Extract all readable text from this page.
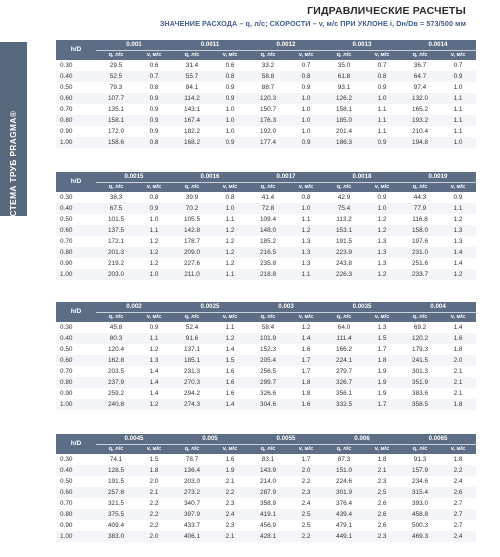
ГИДРАВЛИЧЕСКИЕ РАСЧЕТЫ
ЗНАЧЕНИЕ РАСХОДА – q, л/с; СКОРОСТИ – v, м/с ПРИ УКЛОНЕ i, Dн/Dв = 573/500 мм
СИСТЕМА ТРУБ PRAGMA®
h/D	0.001		0.0011		0.0012		0.0013		0.0014	
	q, л/с	v, м/с	q, л/с	v, м/с	q, л/с	v, м/с	q, л/с	v, м/с	q, л/с	v, м/с
0.30	29.5	0.6	31.4	0.6	33.2	0.7	35.0	0.7	36.7	0.7
0.40	52.5	0.7	55.7	0.8	58.8	0.8	61.8	0.8	64.7	0.9
0.50	79.3	0.8	84.1	0.9	88.7	0.9	93.1	0.9	97.4	1.0
0.60	107.7	0.9	114.2	0.9	120.3	1.0	126.2	1.0	132.0	1.1
0.70	135.1	0.9	143.1	1.0	150.7	1.0	158.1	1.1	165.2	1.1
0.80	158.1	0.9	167.4	1.0	176.3	1.0	185.0	1.1	193.2	1.1
0.90	172.0	0.9	182.2	1.0	192.0	1.0	201.4	1.1	210.4	1.1
1.00	158.6	0.8	168.2	0.9	177.4	0.9	186.3	0.9	194.8	1.0
h/D	0.0015		0.0016		0.0017		0.0018		0.0019	
	q, л/с	v, м/с	q, л/с	v, м/с	q, л/с	v, м/с	q, л/с	v, м/с	q, л/с	v, м/с
0.30	38.3	0.8	39.9	0.8	41.4	0.8	42.9	0.9	44.3	0.9
0.40	67.5	0.9	70.2	1.0	72.8	1.0	75.4	1.0	77.9	1.1
0.50	101.5	1.0	105.5	1.1	109.4	1.1	113.2	1.2	116.8	1.2
0.60	137.5	1.1	142.8	1.2	148.0	1.2	153.1	1.2	158.0	1.3
0.70	172.1	1.2	178.7	1.2	185.2	1.3	191.5	1.3	197.6	1.3
0.80	201.3	1.2	209.0	1.2	216.5	1.3	223.9	1.3	231.0	1.4
0.90	219.2	1.2	227.6	1.2	235.8	1.3	243.8	1.3	251.6	1.4
1.00	203.0	1.0	211.0	1.1	218.8	1.1	226.3	1.2	233.7	1.2
h/D	0.002		0.0025		0.003		0.0035		0.004	
	q, л/с	v, м/с	q, л/с	v, м/с	q, л/с	v, м/с	q, л/с	v, м/с	q, л/с	v, м/с
0.30	45.8	0.9	52.4	1.1	58.4	1.2	64.0	1.3	69.2	1.4
0.40	80.3	1.1	91.6	1.2	101.9	1.4	111.4	1.5	120.2	1.6
0.50	120.4	1.2	137.1	1.4	152.3	1.6	166.2	1.7	179.3	1.8
0.60	162.8	1.3	185.1	1.5	205.4	1.7	224.1	1.8	241.5	2.0
0.70	203.5	1.4	231.3	1.6	256.5	1.7	279.7	1.9	301.3	2.1
0.80	237.9	1.4	270.3	1.6	299.7	1.8	326.7	1.9	351.9	2.1
0.90	259.2	1.4	294.2	1.6	326.6	1.8	356.1	1.9	383.6	2.1
1.00	240.8	1.2	274.3	1.4	304.6	1.6	332.5	1.7	358.5	1.8
h/D	0.0045		0.005		0.0055		0.006		0.0065	
	q, л/с	v, м/с	q, л/с	v, м/с	q, л/с	v, м/с	q, л/с	v, м/с	q, л/с	v, м/с
0.30	74.1	1.5	78.7	1.6	83.1	1.7	87.3	1.8	91.3	1.8
0.40	128.5	1.8	136.4	1.9	143.9	2.0	151.0	2.1	157.9	2.2
0.50	191.5	2.0	203.0	2.1	214.0	2.2	224.6	2.3	234.6	2.4
0.60	257.8	2.1	273.2	2.2	287.9	2.3	301.9	2.5	315.4	2.6
0.70	321.5	2.2	340.7	2.3	358.9	2.4	376.4	2.6	393.0	2.7
0.80	375.5	2.2	397.9	2.4	419.1	2.5	439.4	2.6	458.8	2.7
0.90	409.4	2.2	433.7	2.3	456.9	2.5	479.1	2.6	500.3	2.7
1.00	383.0	2.0	406.1	2.1	428.1	2.2	449.1	2.3	469.3	2.4
